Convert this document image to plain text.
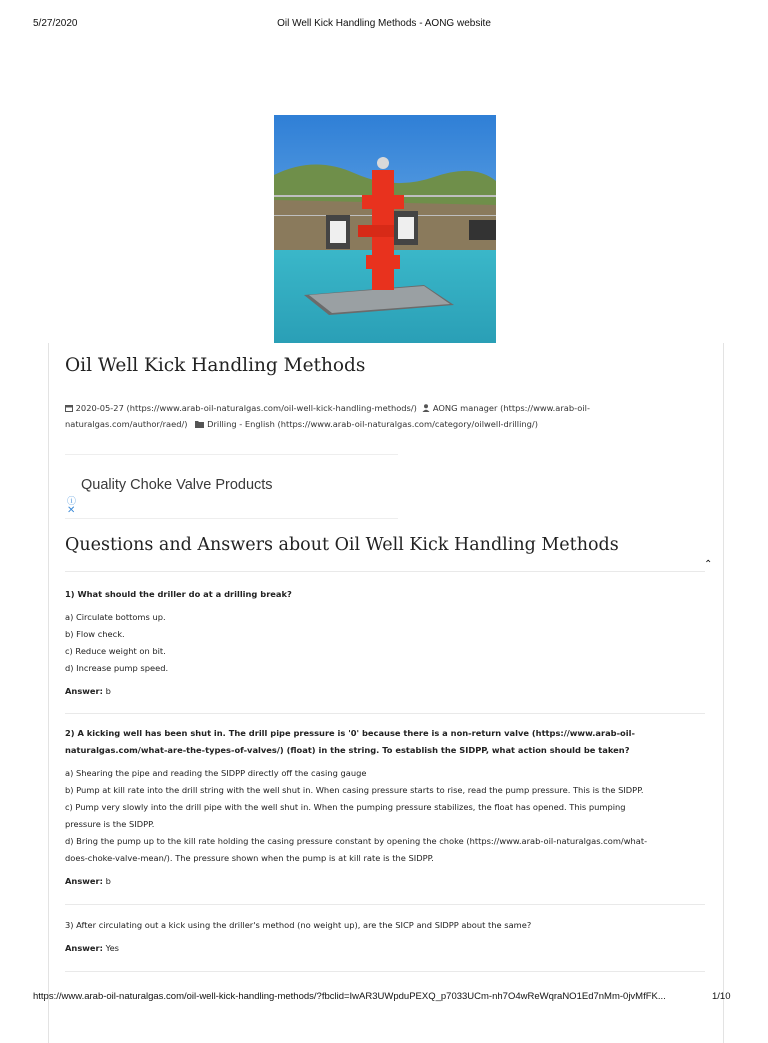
5/27/2020	Oil Well Kick Handling Methods - AONG website
Oil Well Kick Handling Methods
2020-05-27 (https://www.arab-oil-naturalgas.com/oil-well-kick-handling-methods/) AONG manager (https://www.arab-oil-
naturalgas.com/author/raed/) Drilling - English (https://www.arab-oil-naturalgas.com/category/oilwell-drilling/)
Quality Choke Valve Products
ⓘ
✕
Questions and Answers about Oil Well Kick Handling Methods
1) What should the driller do at a drilling break?
a) Circulate bottoms up.
b) Flow check.
c) Reduce weight on bit.
d) Increase pump speed.
Answer: b
2) A kicking well has been shut in. The drill pipe pressure is '0' because there is a non-return valve (https://www.arab-oil-
naturalgas.com/what-are-the-types-of-valves/) (float) in the string. To establish the SIDPP, what action should be taken?
a) Shearing the pipe and reading the SIDPP directly off the casing gauge
b) Pump at kill rate into the drill string with the well shut in. When casing pressure starts to rise, read the pump pressure. This is the SIDPP.
c) Pump very slowly into the drill pipe with the well shut in. When the pumping pressure stabilizes, the float has opened. This pumping
pressure is the SIDPP.
d) Bring the pump up to the kill rate holding the casing pressure constant by opening the choke (https://www.arab-oil-naturalgas.com/what-
does-choke-valve-mean/). The pressure shown when the pump is at kill rate is the SIDPP.
Answer: b
3) After circulating out a kick using the driller's method (no weight up), are the SICP and SIDPP about the same?
Answer: Yes
⌃
https://www.arab-oil-naturalgas.com/oil-well-kick-handling-methods/?fbclid=IwAR3UWpduPEXQ_p7033UCm-nh7O4wReWqraNO1Ed7nMm-0jvMfFK...	1/10
